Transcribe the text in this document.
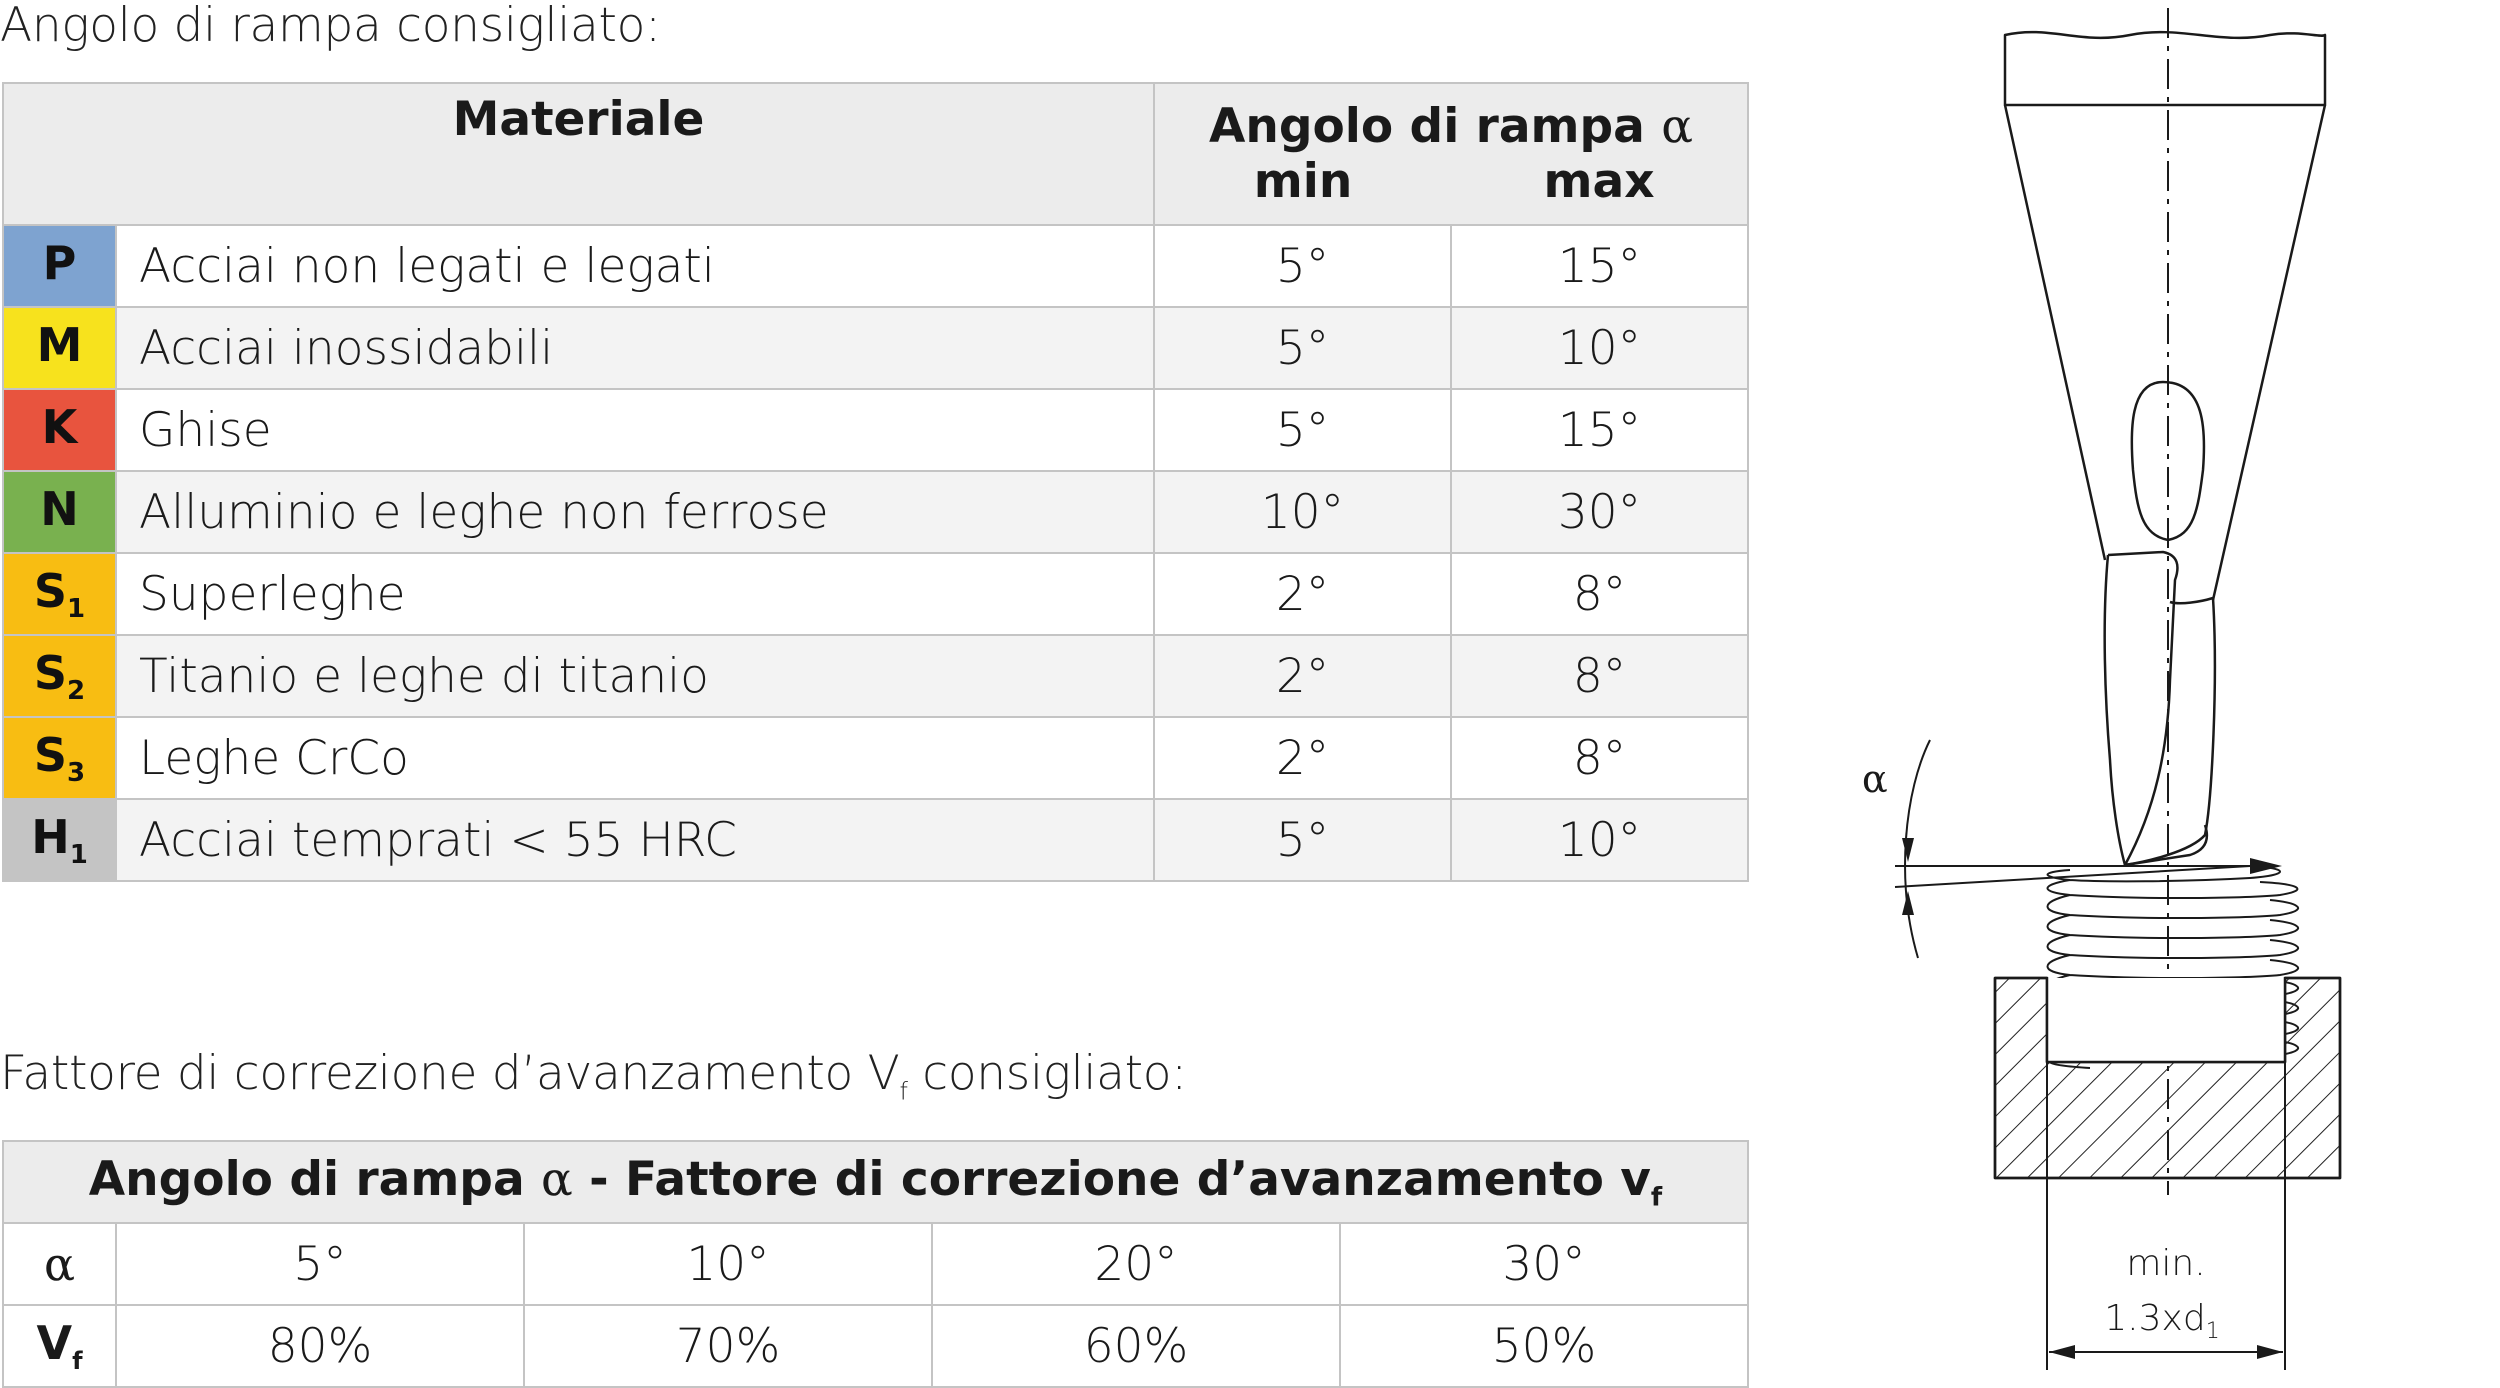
Angolo di rampa consigliato:
Materiale		Angolo di rampa α	
		min	max
P	Acciai non legati e legati	5°	15°
M	Acciai inossidabili	5°	10°
K	Ghise	5°	15°
N	Alluminio e leghe non ferrose	10°	30°
$S_1$	Superleghe	2°	8°
$S_2$	Titanio e leghe di titanio	2°	8°
$S_3$	Leghe CrCo	2°	8°
$H_1$	Acciai temprati < 55 HRC	5°	10°
Fattore di correzione d’avanzamento $V_f$ consigliato:
Angolo di rampa α - Fattore di correzione d’avanzamento $v_f$
α	5°	10°	20°	30°
$V_f$	80%	70%	60%	50%
α
min.
$1.3xd_1$
